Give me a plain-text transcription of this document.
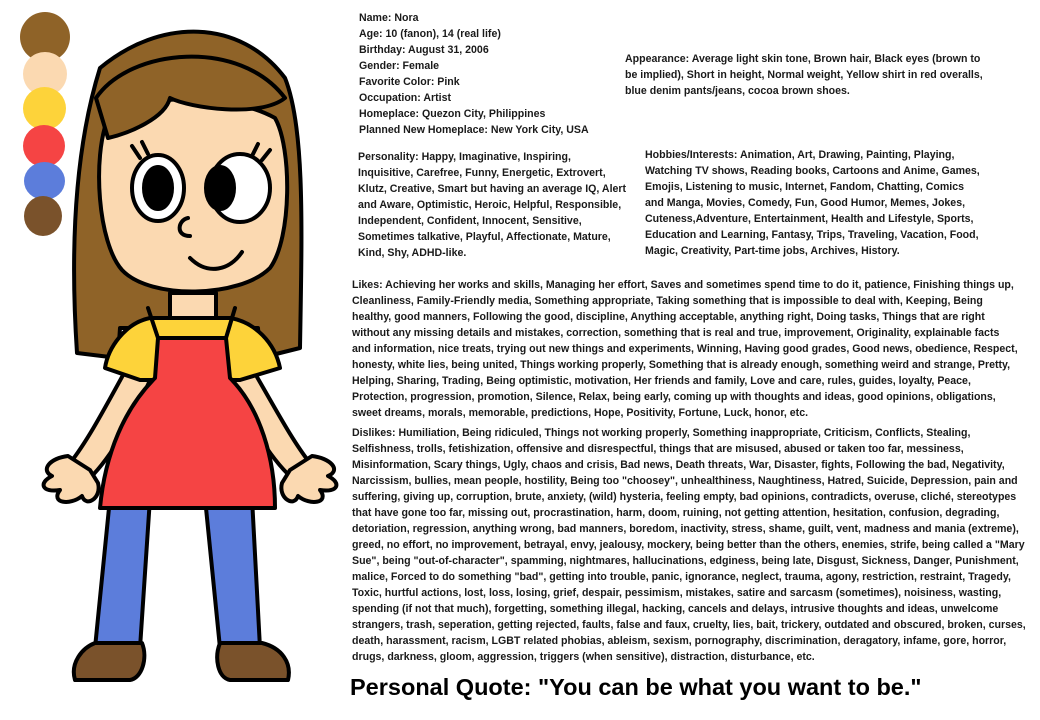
Name: Nora
Age: 10 (fanon), 14 (real life)
Birthday: August 31, 2006
Gender: Female
Favorite Color: Pink
Occupation: Artist
Homeplace: Quezon City, Philippines
Planned New Homeplace: New York City, USA
Appearance: Average light skin tone, Brown hair, Black eyes (brown to be implied), Short in height, Normal weight, Yellow shirt in red overalls, blue denim pants/jeans, cocoa brown shoes.
Personality: Happy, Imaginative, Inspiring, Inquisitive, Carefree, Funny, Energetic, Extrovert, Klutz, Creative, Smart but having an average IQ, Alert and Aware, Optimistic, Heroic, Helpful, Responsible, Independent, Confident, Innocent, Sensitive, Sometimes talkative, Playful, Affectionate, Mature, Kind, Shy, ADHD-like.
Hobbies/Interests: Animation, Art, Drawing, Painting, Playing, Watching TV shows, Reading books, Cartoons and Anime, Games, Emojis, Listening to music, Internet, Fandom, Chatting, Comics and Manga, Movies, Comedy, Fun, Good Humor, Memes, Jokes, Cuteness,Adventure, Entertainment, Health and Lifestyle, Sports, Education and Learning, Fantasy, Trips, Traveling, Vacation, Food, Magic, Creativity, Part-time jobs, Archives, History.
Likes: Achieving her works and skills, Managing her effort, Saves and sometimes spend time to do it, patience, Finishing things up, Cleanliness, Family-Friendly media, Something appropriate, Taking something that is impossible to deal with, Keeping, Being healthy, good manners, Following the good, discipline, Anything acceptable, anything right, Doing tasks, Things that are right without any missing details and mistakes, correction, something that is real and true, improvement, Originality, explainable facts and information, nice treats, trying out new things and experiments, Winning, Having good grades, Good news, obedience, Respect, honesty, white lies, being united, Things working properly, Something that is already enough, something weird and strange, Pretty, Helping, Sharing, Trading, Being optimistic, motivation, Her friends and family, Love and care, rules, guides, loyalty, Peace, Protection, progression, promotion, Silence, Relax, being early, coming up with thoughts and ideas, good opinions, obligations, sweet dreams, morals, memorable, predictions, Hope, Positivity, Fortune, Luck, honor, etc.
Dislikes: Humiliation, Being ridiculed, Things not working properly, Something inappropriate, Criticism, Conflicts, Stealing, Selfishness, trolls, fetishization, offensive and disrespectful, things that are misused, abused or taken too far, messiness, Misinformation, Scary things, Ugly, chaos and crisis, Bad news, Death threats, War, Disaster, fights, Following the bad, Negativity, Narcissism, bullies, mean people, hostility, Being too "choosey", unhealthiness, Naughtiness, Hatred, Suicide, Depression, pain and suffering, giving up, corruption, brute, anxiety, (wild) hysteria, feeling empty, bad opinions, contradicts, overuse, cliché, stereotypes that have gone too far, missing out, procrastination, harm, doom, ruining, not getting attention, hesitation, confusion, degrading, detoriation, regression, anything wrong, bad manners, boredom, inactivity, stress, shame, guilt, vent, madness and mania (extreme), greed, no effort, no improvement, betrayal, envy, jealousy, mockery, being better than the others, enemies, strife, being called a "Mary Sue", being "out-of-character", spamming, nightmares, hallucinations, edginess, being late, Disgust, Sickness, Danger, Punishment, malice, Forced to do something "bad", getting into trouble, panic, ignorance, neglect, trauma, agony, restriction, restraint, Tragedy, Toxic, hurtful actions, lost, loss, losing, grief, despair, pessimism, mistakes, satire and sarcasm (sometimes), noisiness, wasting, spending (if not that much), forgetting, something illegal, hacking, cancels and delays, intrusive thoughts and ideas, unwelcome strangers, trash, seperation, getting rejected, faults, false and faux, cruelty, lies, bait, trickery, outdated and obscured, broken, curses, death, harassment, racism, LGBT related phobias, ableism, sexism, pornography, discrimination, deragatory, infame, gore, horror, drugs, darkness, gloom, aggression, triggers (when sensitive), distraction, disturbance, etc.
Personal Quote: "You can be what you want to be."
